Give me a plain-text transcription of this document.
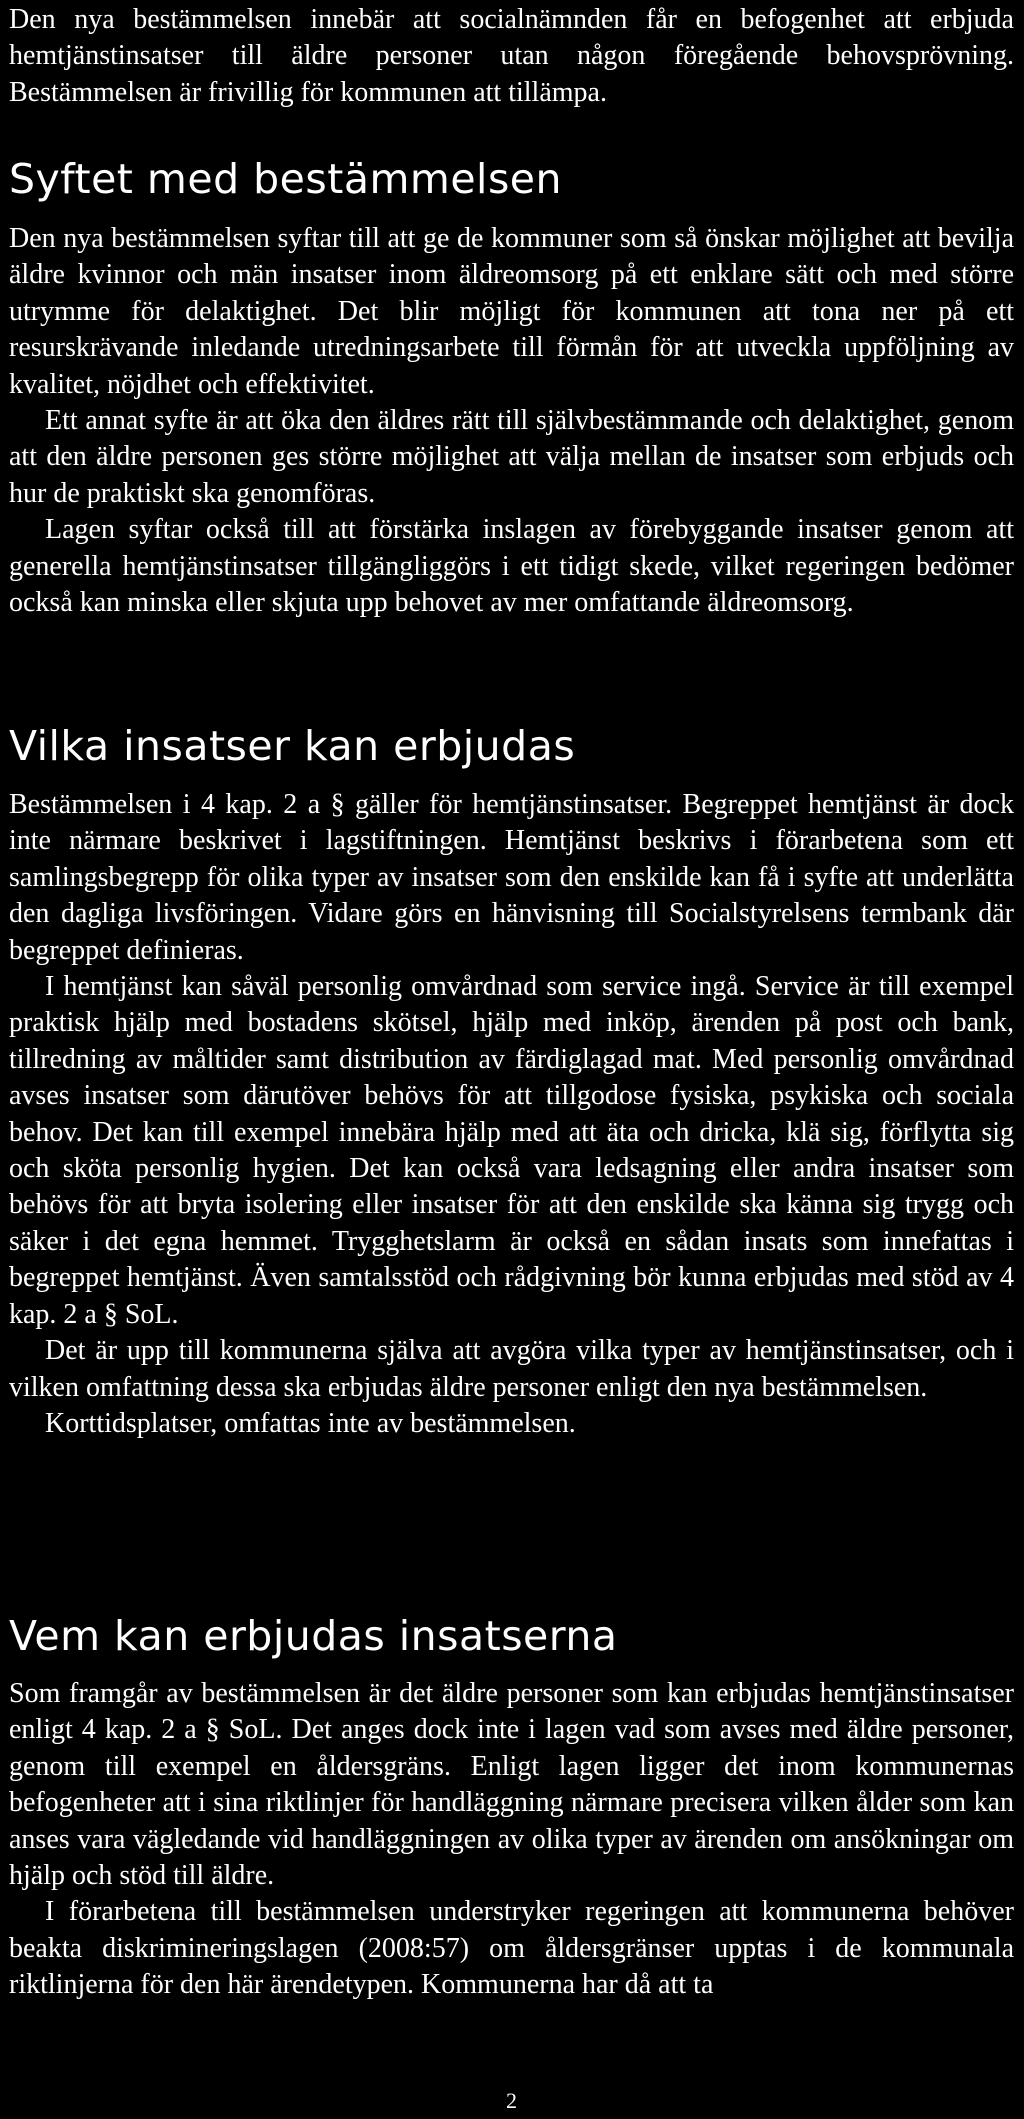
Den nya bestämmelsen innebär att socialnämnden får en befogenhet att erbjuda hemtjänstinsatser till äldre personer utan någon föregående behovsprövning. Bestämmelsen är frivillig för kommunen att tillämpa.

Syftet med bestämmelsen

Den nya bestämmelsen syftar till att ge de kommuner som så önskar möjlighet att bevilja äldre kvinnor och män insatser inom äldreomsorg på ett enklare sätt och med större utrymme för delaktighet. Det blir möjligt för kommunen att tona ner på ett resurskrävande inledande utredningsarbete till förmån för att utveckla uppföljning av kvalitet, nöjdhet och effektivitet.

Ett annat syfte är att öka den äldres rätt till självbestämmande och delaktighet, genom att den äldre personen ges större möjlighet att välja mellan de insatser som erbjuds och hur de praktiskt ska genomföras.

Lagen syftar också till att förstärka inslagen av förebyggande insatser genom att generella hemtjänstinsatser tillgängliggörs i ett tidigt skede, vilket regeringen bedömer också kan minska eller skjuta upp behovet av mer omfattande äldreomsorg.

Vilka insatser kan erbjudas

Bestämmelsen i 4 kap. 2 a § gäller för hemtjänstinsatser. Begreppet hemtjänst är dock inte närmare beskrivet i lagstiftningen. Hemtjänst beskrivs i förarbetena som ett samlingsbegrepp för olika typer av insatser som den enskilde kan få i syfte att underlätta den dagliga livsföringen. Vidare görs en hänvisning till Socialstyrelsens termbank där begreppet definieras.

I hemtjänst kan såväl personlig omvårdnad som service ingå. Service är till exempel praktisk hjälp med bostadens skötsel, hjälp med inköp, ärenden på post och bank, tillredning av måltider samt distribution av färdiglagad mat. Med personlig omvårdnad avses insatser som därutöver behövs för att tillgodose fysiska, psykiska och sociala behov. Det kan till exempel innebära hjälp med att äta och dricka, klä sig, förflytta sig och sköta personlig hygien. Det kan också vara ledsagning eller andra insatser som behövs för att bryta isolering eller insatser för att den enskilde ska känna sig trygg och säker i det egna hemmet. Trygghetslarm är också en sådan insats som innefattas i begreppet hemtjänst. Även samtalsstöd och rådgivning bör kunna erbjudas med stöd av 4 kap. 2 a § SoL.

Det är upp till kommunerna själva att avgöra vilka typer av hemtjänstinsatser, och i vilken omfattning dessa ska erbjudas äldre personer enligt den nya bestämmelsen.

Korttidsplatser, omfattas inte av bestämmelsen.

Vem kan erbjudas insatserna

Som framgår av bestämmelsen är det äldre personer som kan erbjudas hemtjänstinsatser enligt 4 kap. 2 a § SoL. Det anges dock inte i lagen vad som avses med äldre personer, genom till exempel en åldersgräns. Enligt lagen ligger det inom kommunernas befogenheter att i sina riktlinjer för handläggning närmare precisera vilken ålder som kan anses vara vägledande vid handläggningen av olika typer av ärenden om ansökningar om hjälp och stöd till äldre.

I förarbetena till bestämmelsen understryker regeringen att kommunerna behöver beakta diskrimineringslagen (2008:57) om åldersgränser upptas i de kommunala riktlinjerna för den här ärendetypen. Kommunerna har då att ta

2
